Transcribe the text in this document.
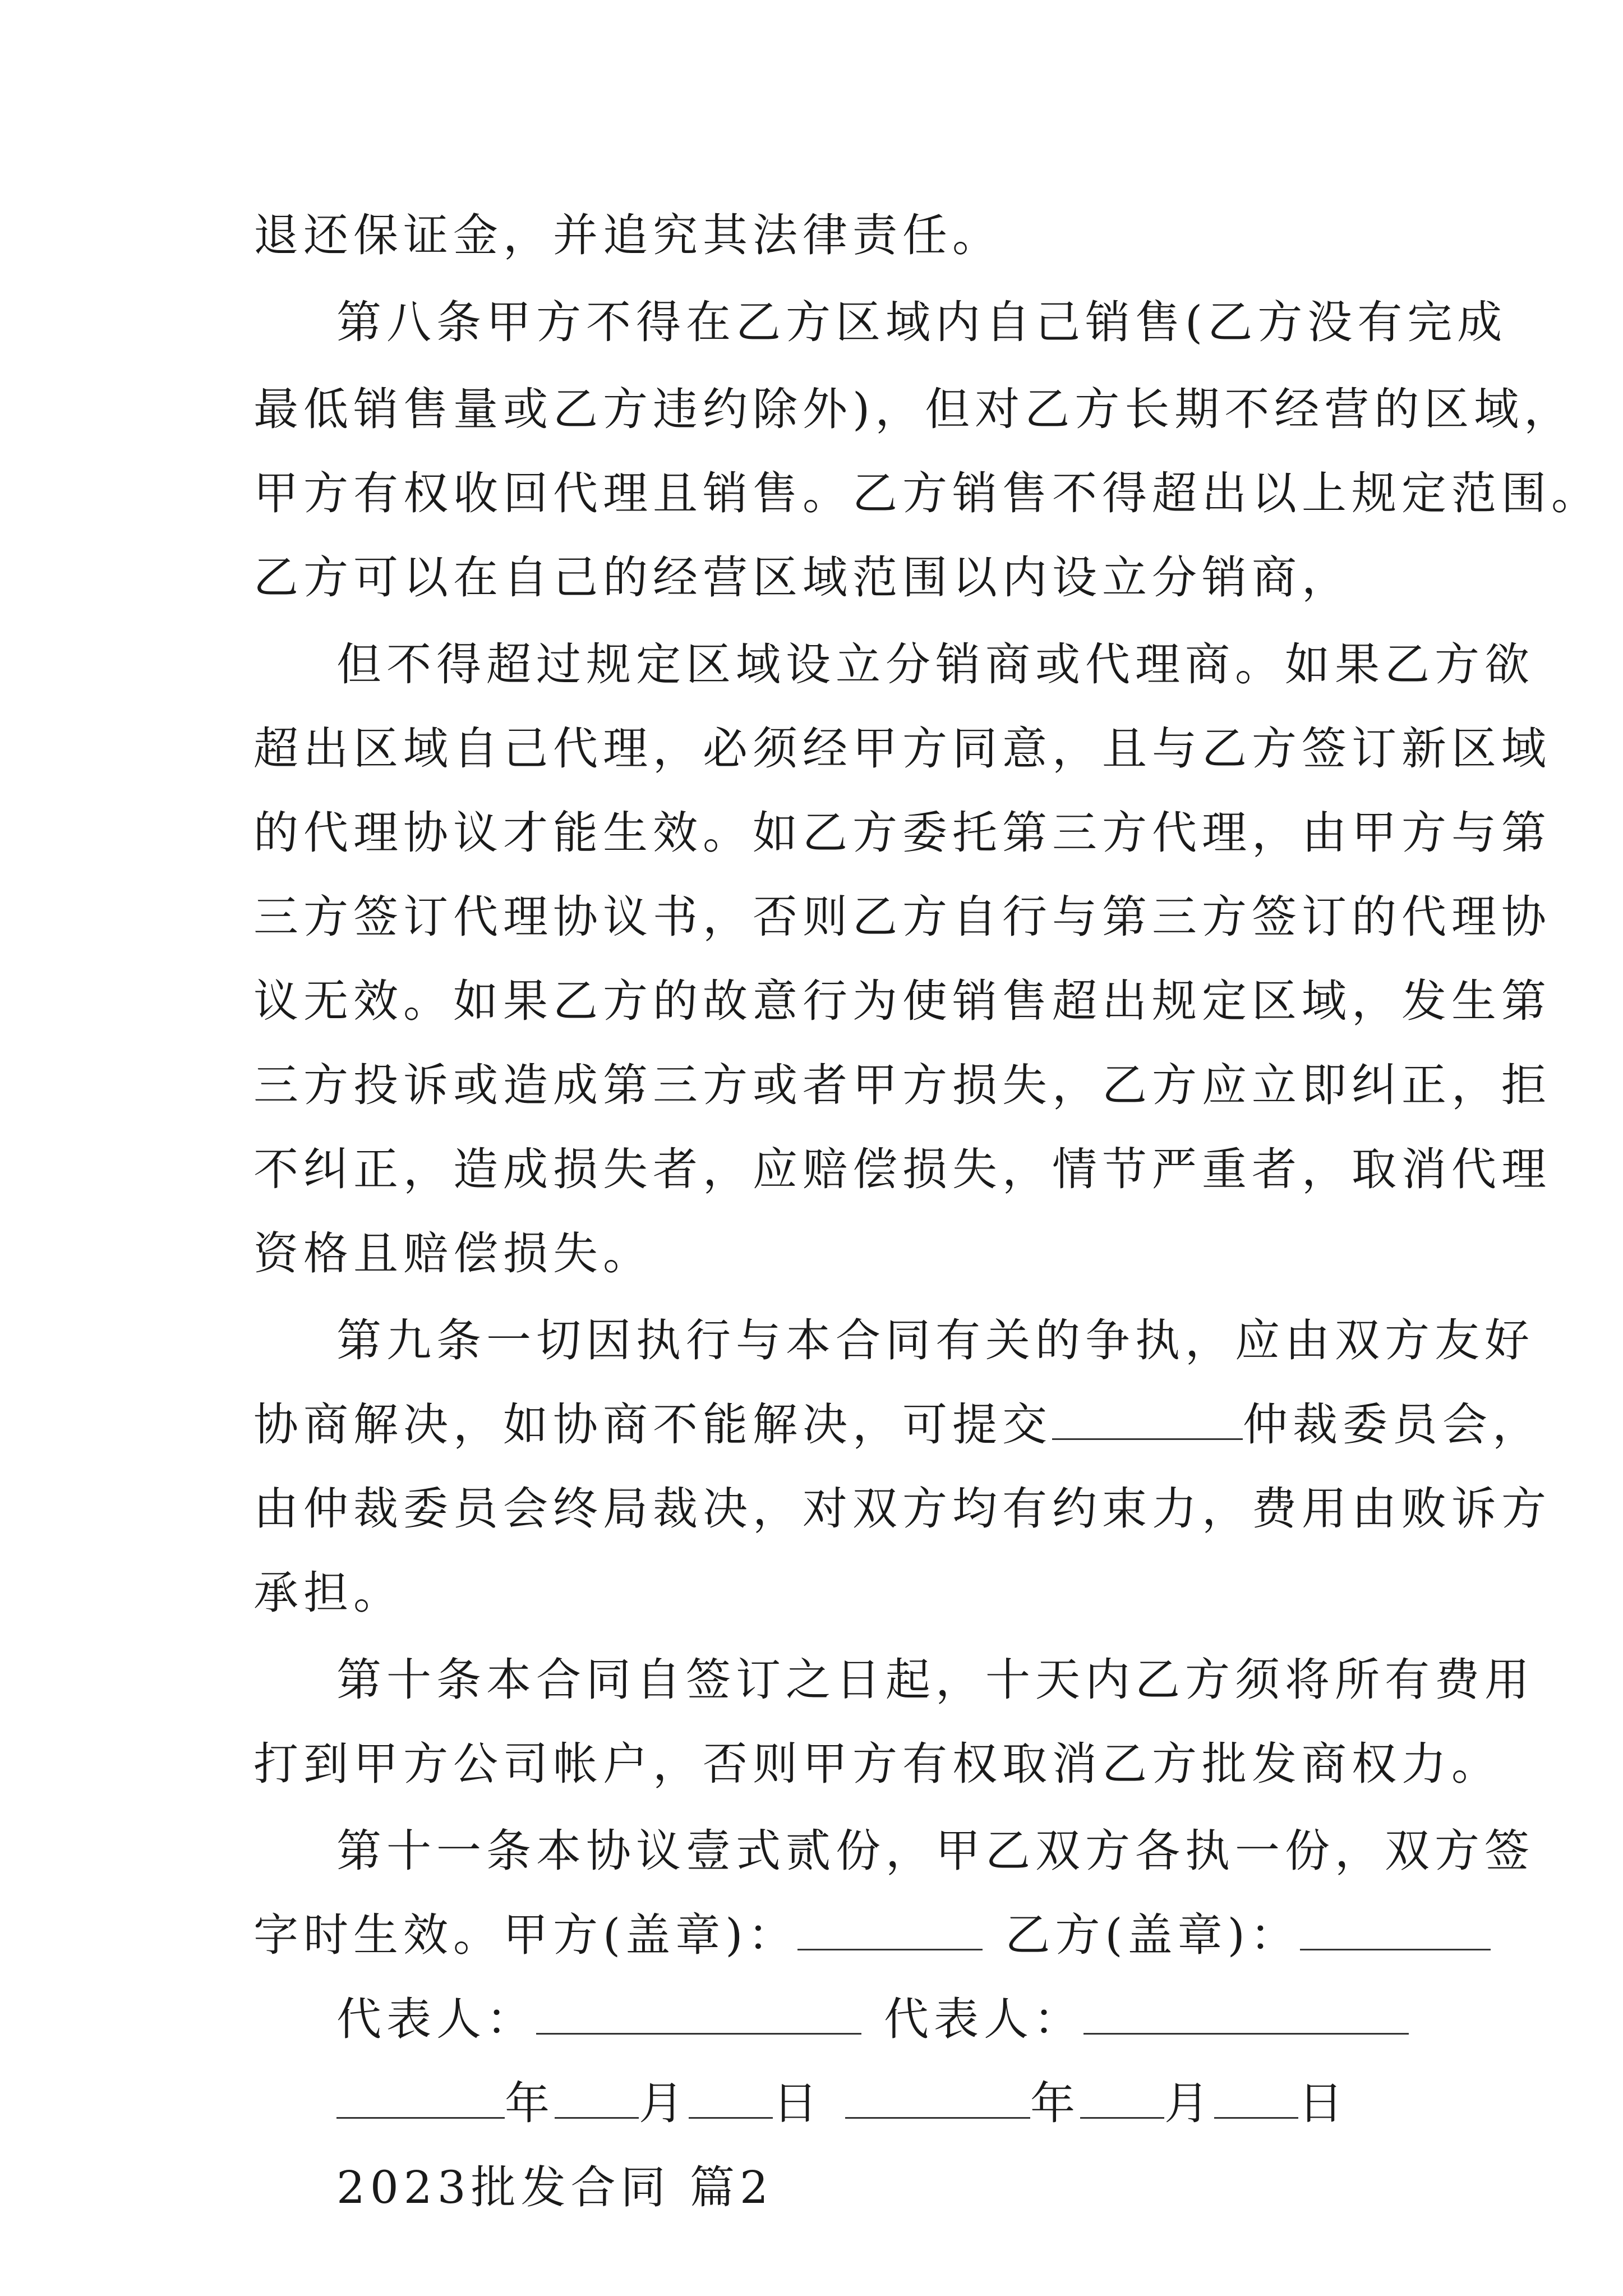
退还保证金，并追究其法律责任。
第八条甲方不得在乙方区域内自己销售(乙方没有完成
最低销售量或乙方违约除外)，但对乙方长期不经营的区域，
甲方有权收回代理且销售。乙方销售不得超出以上规定范围。
乙方可以在自己的经营区域范围以内设立分销商，
但不得超过规定区域设立分销商或代理商。如果乙方欲
超出区域自己代理，必须经甲方同意，且与乙方签订新区域
的代理协议才能生效。如乙方委托第三方代理，由甲方与第
三方签订代理协议书，否则乙方自行与第三方签订的代理协
议无效。如果乙方的故意行为使销售超出规定区域，发生第
三方投诉或造成第三方或者甲方损失，乙方应立即纠正，拒
不纠正，造成损失者，应赔偿损失，情节严重者，取消代理
资格且赔偿损失。
第九条一切因执行与本合同有关的争执，应由双方友好
协商解决，如协商不能解决，可提交	仲裁委员会，
由仲裁委员会终局裁决，对双方均有约束力，费用由败诉方
承担。
第十条本合同自签订之日起，十天内乙方须将所有费用
打到甲方公司帐户，否则甲方有权取消乙方批发商权力。
第十一条本协议壹式贰份，甲乙双方各执一份，双方签
字时生效。甲方(盖章)：	乙方(盖章)：
代表人：	代表人：
年 月 日	年 月 日
2023批发合同 篇2
